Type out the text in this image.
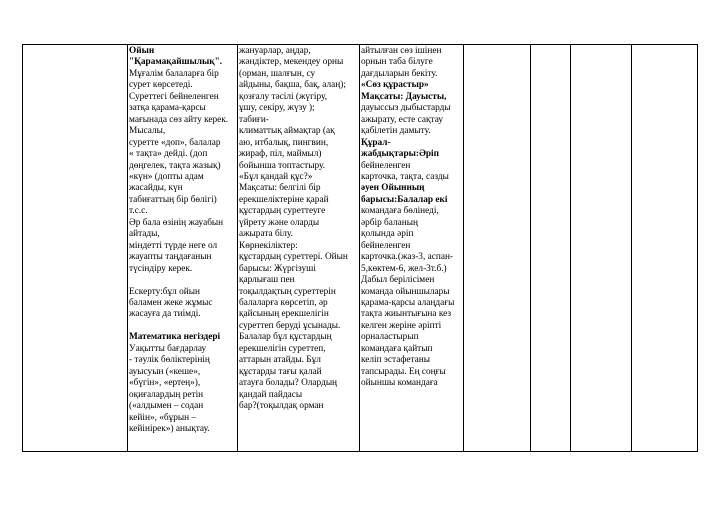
Ойын

"Қарамақайшылық".

Мұғалім балаларға бір

сурет көрсетеді.

Суреттегі бейнеленген

затқа қарама-қарсы

мағынада сөз айту керек.

Мысалы,

суретте «доп», балалар

« тақта» дейді. (доп

дөңгелек, тақта жазық)

«күн» (допты адам

жасайды, күн

табиғаттың бір бөлігі)

т.с.с.

Әр бала өзінің жауабын

айтады,

міндетті түрде неге ол

жауапты таңдағанын

түсіндіру керек.

Ескерту:бұл ойын

баламен жеке жұмыс

жасауға да тиімді.

Математика негіздері

Уақытты бағдарлау

- тәулік бөліктерінің

ауысуын («кеше»,

«бүгін», «ертең»),

оқиғалардың ретін

(«алдымен – содан

кейін», «бұрын –

кейінірек») анықтау.

жануарлар, аңдар,

жәндіктер, мекендеу орны

(орман, шалғын, су

айдыны, бақша, бақ, алаң);

қозғалу тәсілі (жүгіру,

ұшу, секіру, жүзу );

табиғи-

климаттық аймақтар (ақ

аю, итбалық, пингвин,

жираф, піл, маймыл)

бойынша топтастыру.

«Бұл қандай құс?»

Мақсаты: белгілі бір

ерекшеліктеріне қарай

құстардың суреттеуге

үйрету және оларды

ажырата білу.

Көрнекіліктер:

құстардың суреттері. Ойын

барысы: Жүргізуші

қарлығаш пен

тоқылдақтың суреттерін

балаларға көрсетіп, әр

қайсының ерекшелігін

суреттеп беруді ұсынады.

Балалар бұл құстардың

ерекшелігін суреттеп,

аттарын атайды. Бұл

құстарды тағы қалай

атауға болады? Олардың

қандай пайдасы

бар?(тоқылдақ орман

айтылған сөз ішінен

орнын таба білуге

дағдыларын бекіту.

«Сөз құрастыр»

Мақсаты: Дауысты,

дауыссыз дыбыстарды

ажырату, есте сақтау

қабілетін дамыту.

Құрал-

жабдықтары:Әріп

бейнеленген

карточка, тақта, сазды

әуен Ойынның

барысы:Балалар екі

командаға бөлінеді,

әрбір баланың

қолында әріп

бейнеленген

карточка.(жаз-3, аспан-

5,көктем-6, жел-3т.б.)

Дабыл берілісімен

команда ойыншылары

қарама-қарсы алаңдағы

тақта жиынтығына кез

келген жеріне әріпті

орналастырып

командаға қайтып

келіп эстафетаны

тапсырады. Ең соңғы

ойыншы командаға
